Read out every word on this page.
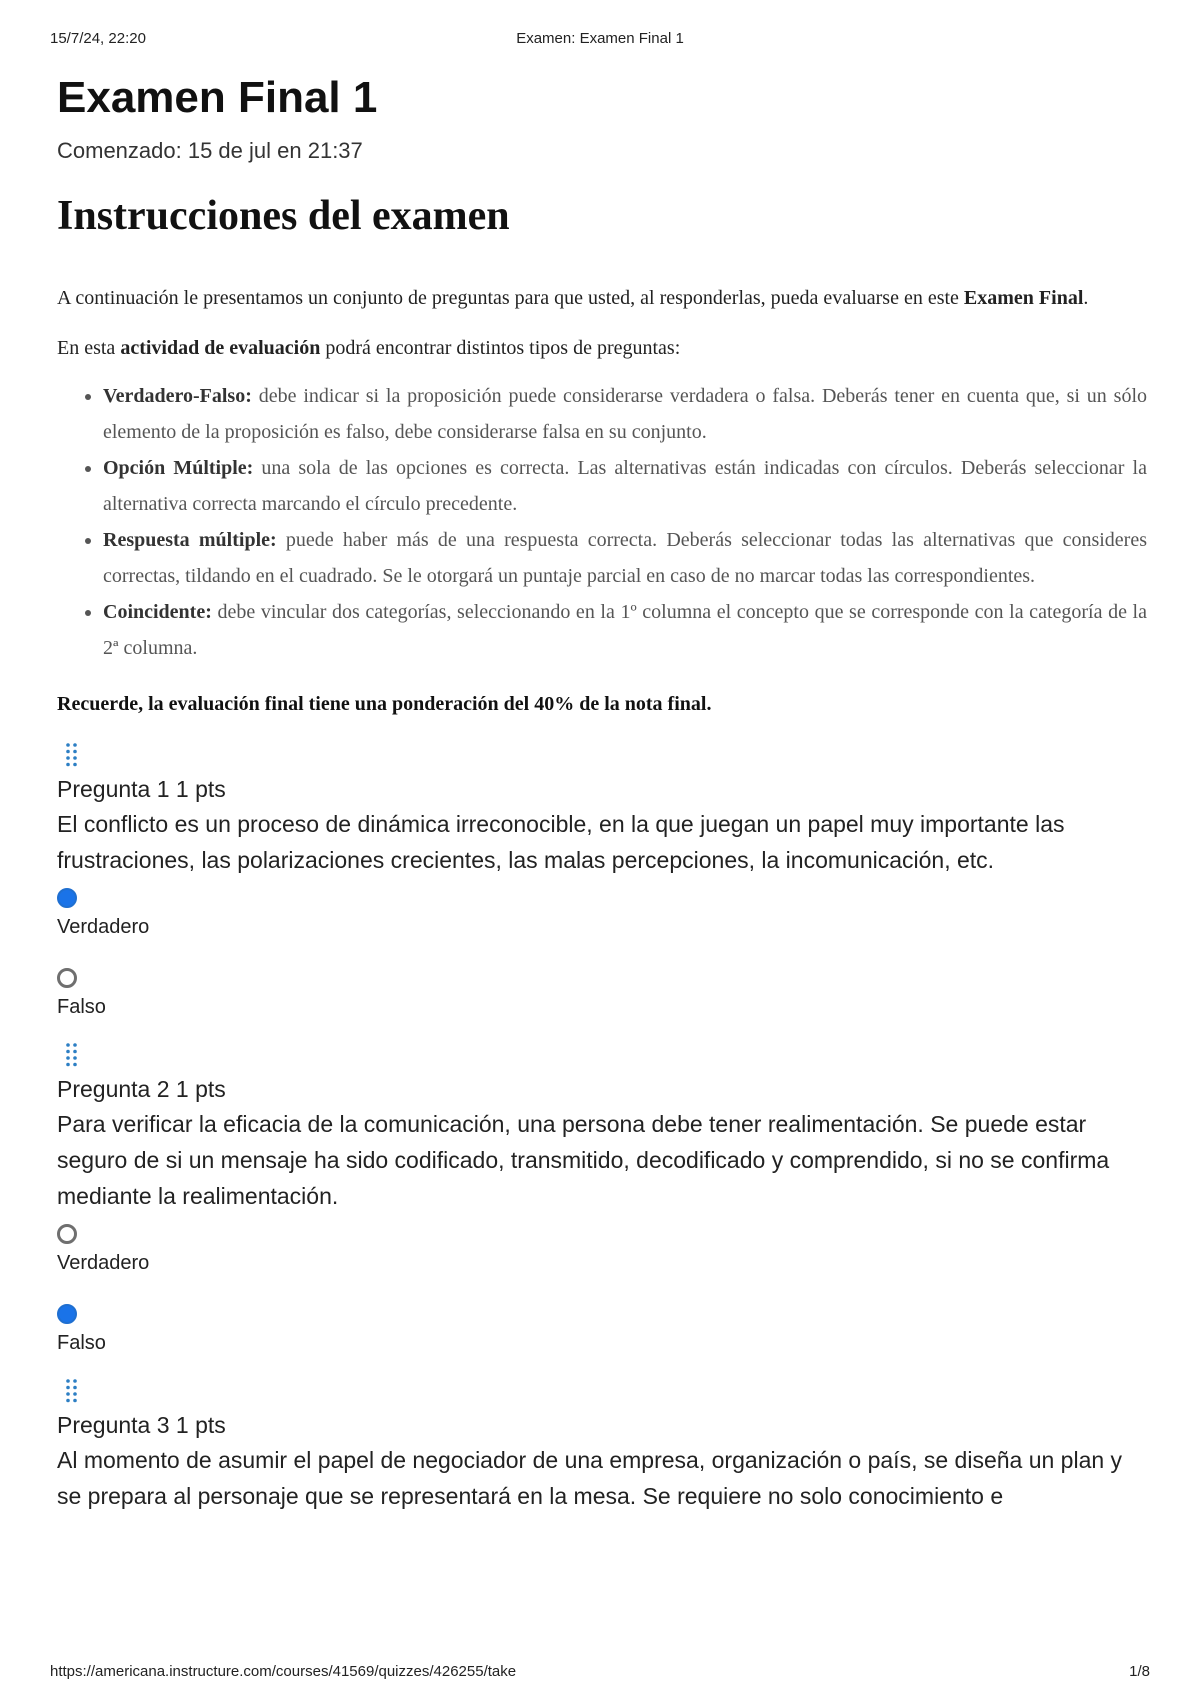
15/7/24, 22:20	Examen: Examen Final 1
Examen Final 1

Comenzado: 15 de jul en 21:37

Instrucciones del examen

A continuación le presentamos un conjunto de preguntas para que usted, al responderlas, pueda evaluarse en este Examen Final.

En esta actividad de evaluación podrá encontrar distintos tipos de preguntas:

• Verdadero-Falso: debe indicar si la proposición puede considerarse verdadera o falsa. Deberás tener en cuenta que, si un sólo elemento de la proposición es falso, debe considerarse falsa en su conjunto.
• Opción Múltiple: una sola de las opciones es correcta. Las alternativas están indicadas con círculos. Deberás seleccionar la alternativa correcta marcando el círculo precedente.
• Respuesta múltiple: puede haber más de una respuesta correcta. Deberás seleccionar todas las alternativas que consideres correctas, tildando en el cuadrado. Se le otorgará un puntaje parcial en caso de no marcar todas las correspondientes.
• Coincidente: debe vincular dos categorías, seleccionando en la 1º columna el concepto que se corresponde con la categoría de la 2ª columna.

Recuerde, la evaluación final tiene una ponderación del 40% de la nota final.

Pregunta 1 1 pts
El conflicto es un proceso de dinámica irreconocible, en la que juegan un papel muy importante las frustraciones, las polarizaciones crecientes, las malas percepciones, la incomunicación, etc.
Verdadero
Falso
Pregunta 2 1 pts
Para verificar la eficacia de la comunicación, una persona debe tener realimentación. Se puede estar seguro de si un mensaje ha sido codificado, transmitido, decodificado y comprendido, si no se confirma mediante la realimentación.
Verdadero
Falso
Pregunta 3 1 pts
Al momento de asumir el papel de negociador de una empresa, organización o país, se diseña un plan y se prepara al personaje que se representará en la mesa. Se requiere no solo conocimiento e
https://americana.instructure.com/courses/41569/quizzes/426255/take	1/8
